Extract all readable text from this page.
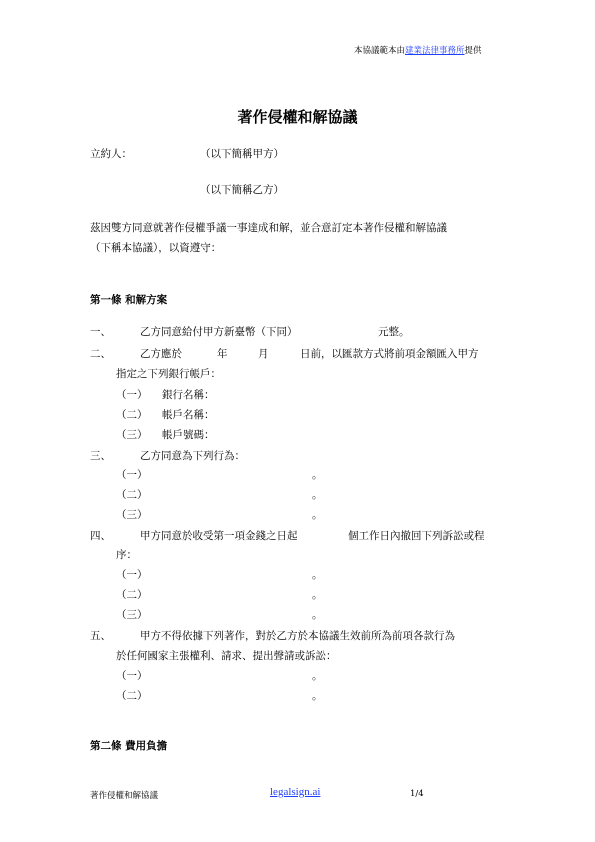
本協議範本由建業法律事務所提供
著作侵權和解協議
立約人：	（以下簡稱甲方）
（以下簡稱乙方）
茲因雙方同意就著作侵權爭議一事達成和解，並合意訂定本著作侵權和解協議
（下稱本協議），以資遵守：
第一條 和解方案
一、	乙方同意給付甲方新臺幣（下同）	元整。
二、	乙方應於	年	月	日前，以匯款方式將前項金額匯入甲方
指定之下列銀行帳戶：
（一） 銀行名稱：
（二） 帳戶名稱：
（三） 帳戶號碼：
三、	乙方同意為下列行為：
（一）	。
（二）	。
（三）	。
四、	甲方同意於收受第一項金錢之日起	個工作日內撤回下列訴訟或程
序：
（一）	。
（二）	。
（三）	。
五、	甲方不得依據下列著作，對於乙方於本協議生效前所為前項各款行為
於任何國家主張權利、請求、提出聲請或訴訟：
（一）	。
（二）	。
第二條 費用負擔
著作侵權和解協議	legalsign.ai	1/4
